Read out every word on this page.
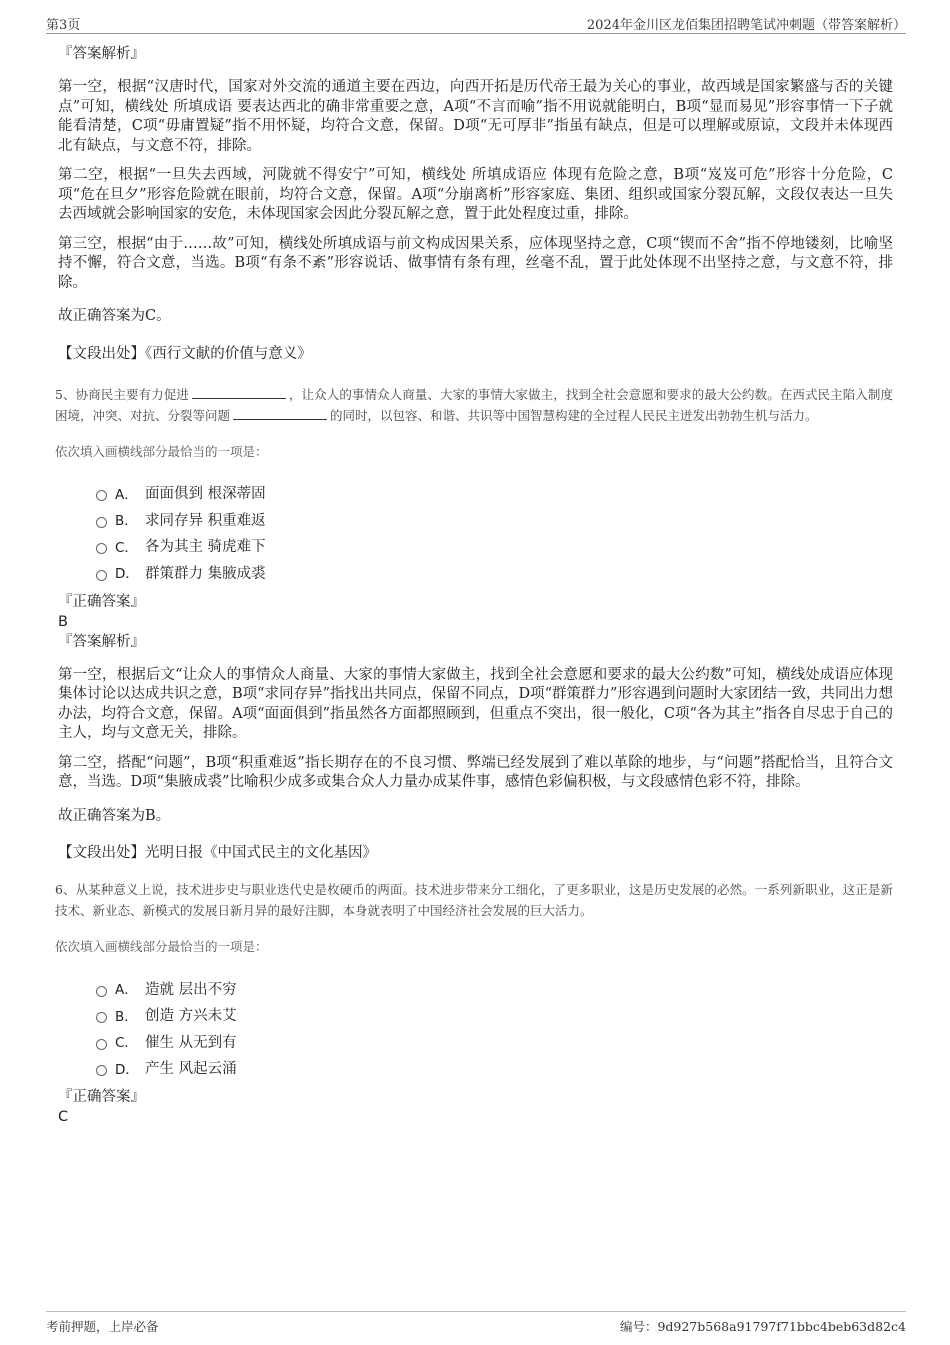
第3页	2024年金川区龙佰集团招聘笔试冲刺题（带答案解析）
『答案解析』

第一空，根据“汉唐时代，国家对外交流的通道主要在西边，向西开拓是历代帝王最为关心的事业，故西域是国家繁盛与否的关键点”可知，横线处 所填成语 要表达西北的确非常重要之意，A项“不言而喻”指不用说就能明白，B项“显而易见”形容事情一下子就能看清楚，C项“毋庸置疑”指不用怀疑，均符合文意，保留。D项“无可厚非”指虽有缺点，但是可以理解或原谅，文段并未体现西北有缺点，与文意不符，排除。

第二空，根据“一旦失去西域，河陇就不得安宁”可知，横线处 所填成语应 体现有危险之意，B项“岌岌可危”形容十分危险，C项“危在旦夕”形容危险就在眼前，均符合文意，保留。A项“分崩离析”形容家庭、集团、组织或国家分裂瓦解，文段仅表达一旦失去西域就会影响国家的安危，未体现国家会因此分裂瓦解之意，置于此处程度过重，排除。

第三空，根据“由于……故”可知，横线处所填成语与前文构成因果关系，应体现坚持之意，C项“锲而不舍”指不停地镂刻，比喻坚持不懈，符合文意，当选。B项“有条不紊”形容说话、做事情有条有理，丝毫不乱，置于此处体现不出坚持之意，与文意不符，排除。

故正确答案为C。

【文段出处】《西行文献的价值与意义》

5、协商民主要有力促进	，让众人的事情众人商量、大家的事情大家做主，找到全社会意愿和要求的最大公约数。在西式民主陷入制度困境，冲突、对抗、分裂等问题	的同时，以包容、和谐、共识等中国智慧构建的全过程人民民主迸发出勃勃生机与活力。

依次填入画横线部分最恰当的一项是：

A． 面面俱到 根深蒂固
B． 求同存异 积重难返
C． 各为其主 骑虎难下
D． 群策群力 集腋成裘
『正确答案』
B
『答案解析』

第一空，根据后文“让众人的事情众人商量、大家的事情大家做主，找到全社会意愿和要求的最大公约数”可知，横线处成语应体现集体讨论以达成共识之意，B项“求同存异”指找出共同点，保留不同点，D项“群策群力”形容遇到问题时大家团结一致，共同出力想办法，均符合文意，保留。A项“面面俱到”指虽然各方面都照顾到，但重点不突出，很一般化，C项“各为其主”指各自尽忠于自己的主人，均与文意无关，排除。

第二空，搭配“问题”，B项“积重难返”指长期存在的不良习惯、弊端已经发展到了难以革除的地步，与“问题”搭配恰当，且符合文意，当选。D项“集腋成裘”比喻积少成多或集合众人力量办成某件事，感情色彩偏积极，与文段感情色彩不符，排除。

故正确答案为B。

【文段出处】光明日报《中国式民主的文化基因》

6、从某种意义上说，技术进步史与职业迭代史是枚硬币的两面。技术进步带来分工细化，了更多职业，这是历史发展的必然。一系列新职业，这正是新技术、新业态、新模式的发展日新月异的最好注脚，本身就表明了中国经济社会发展的巨大活力。

依次填入画横线部分最恰当的一项是：

A． 造就 层出不穷
B． 创造 方兴未艾
C． 催生 从无到有
D． 产生 风起云涌
『正确答案』
C
考前押题，上岸必备	编号：9d927b568a91797f71bbc4beb63d82c4
